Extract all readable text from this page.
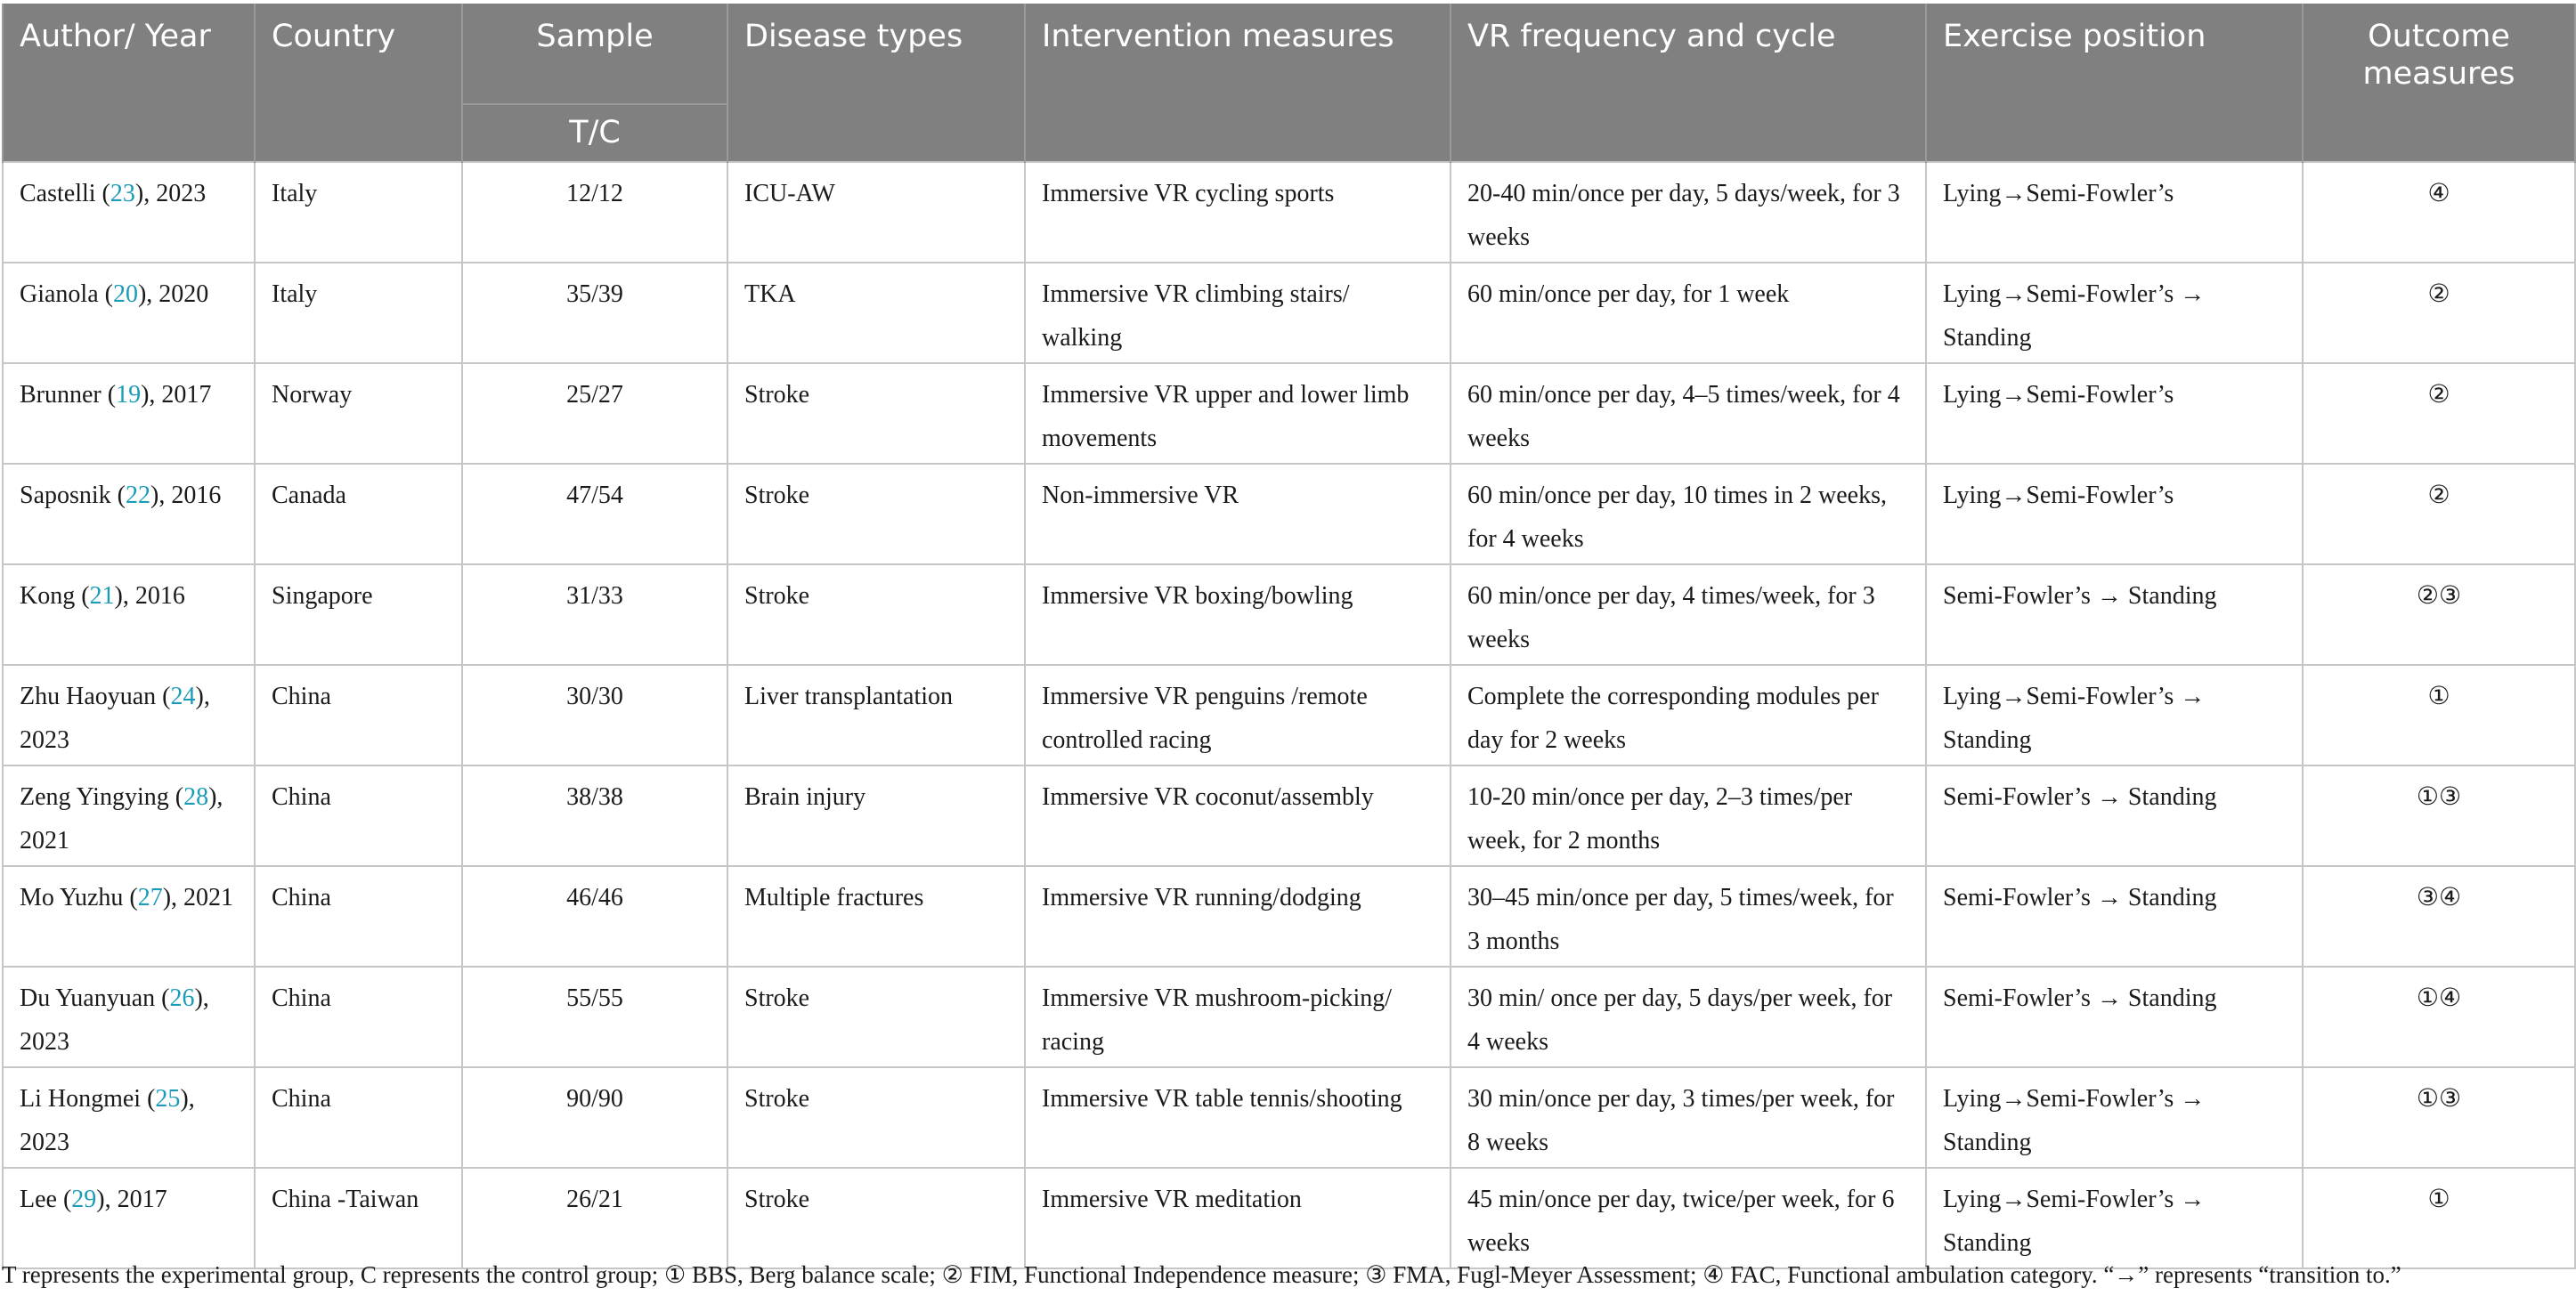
Author/ Year	Country	Sample	Disease types	Intervention measures	VR frequency and cycle	Exercise position	Outcome measures
		T/C					
Castelli (23), 2023	Italy	12/12	ICU-AW	Immersive VR cycling sports	20-40 min/once per day, 5 days/week, for 3 weeks	Lying→Semi-Fowler’s	④
Gianola (20), 2020	Italy	35/39	TKA	Immersive VR climbing stairs/ walking	60 min/once per day, for 1 week	Lying→Semi-Fowler’s → Standing	②
Brunner (19), 2017	Norway	25/27	Stroke	Immersive VR upper and lower limb movements	60 min/once per day, 4–5 times/week, for 4 weeks	Lying→Semi-Fowler’s	②
Saposnik (22), 2016	Canada	47/54	Stroke	Non-immersive VR	60 min/once per day, 10 times in 2 weeks, for 4 weeks	Lying→Semi-Fowler’s	②
Kong (21), 2016	Singapore	31/33	Stroke	Immersive VR boxing/bowling	60 min/once per day, 4 times/week, for 3 weeks	Semi-Fowler’s → Standing	②③
Zhu Haoyuan (24), 2023	China	30/30	Liver transplantation	Immersive VR penguins /remote controlled racing	Complete the corresponding modules per day for 2 weeks	Lying→Semi-Fowler’s → Standing	①
Zeng Yingying (28), 2021	China	38/38	Brain injury	Immersive VR coconut/assembly	10-20 min/once per day, 2–3 times/per week, for 2 months	Semi-Fowler’s → Standing	①③
Mo Yuzhu (27), 2021	China	46/46	Multiple fractures	Immersive VR running/dodging	30–45 min/once per day, 5 times/week, for 3 months	Semi-Fowler’s → Standing	③④
Du Yuanyuan (26), 2023	China	55/55	Stroke	Immersive VR mushroom-picking/ racing	30 min/ once per day, 5 days/per week, for 4 weeks	Semi-Fowler’s → Standing	①④
Li Hongmei (25), 2023	China	90/90	Stroke	Immersive VR table tennis/shooting	30 min/once per day, 3 times/per week, for 8 weeks	Lying→Semi-Fowler’s → Standing	①③
Lee (29), 2017	China -Taiwan	26/21	Stroke	Immersive VR meditation	45 min/once per day, twice/per week, for 6 weeks	Lying→Semi-Fowler’s → Standing	①
T represents the experimental group, C represents the control group; ① BBS, Berg balance scale; ② FIM, Functional Independence measure; ③ FMA, Fugl-Meyer Assessment; ④ FAC, Functional ambulation category. “→” represents “transition to.”
